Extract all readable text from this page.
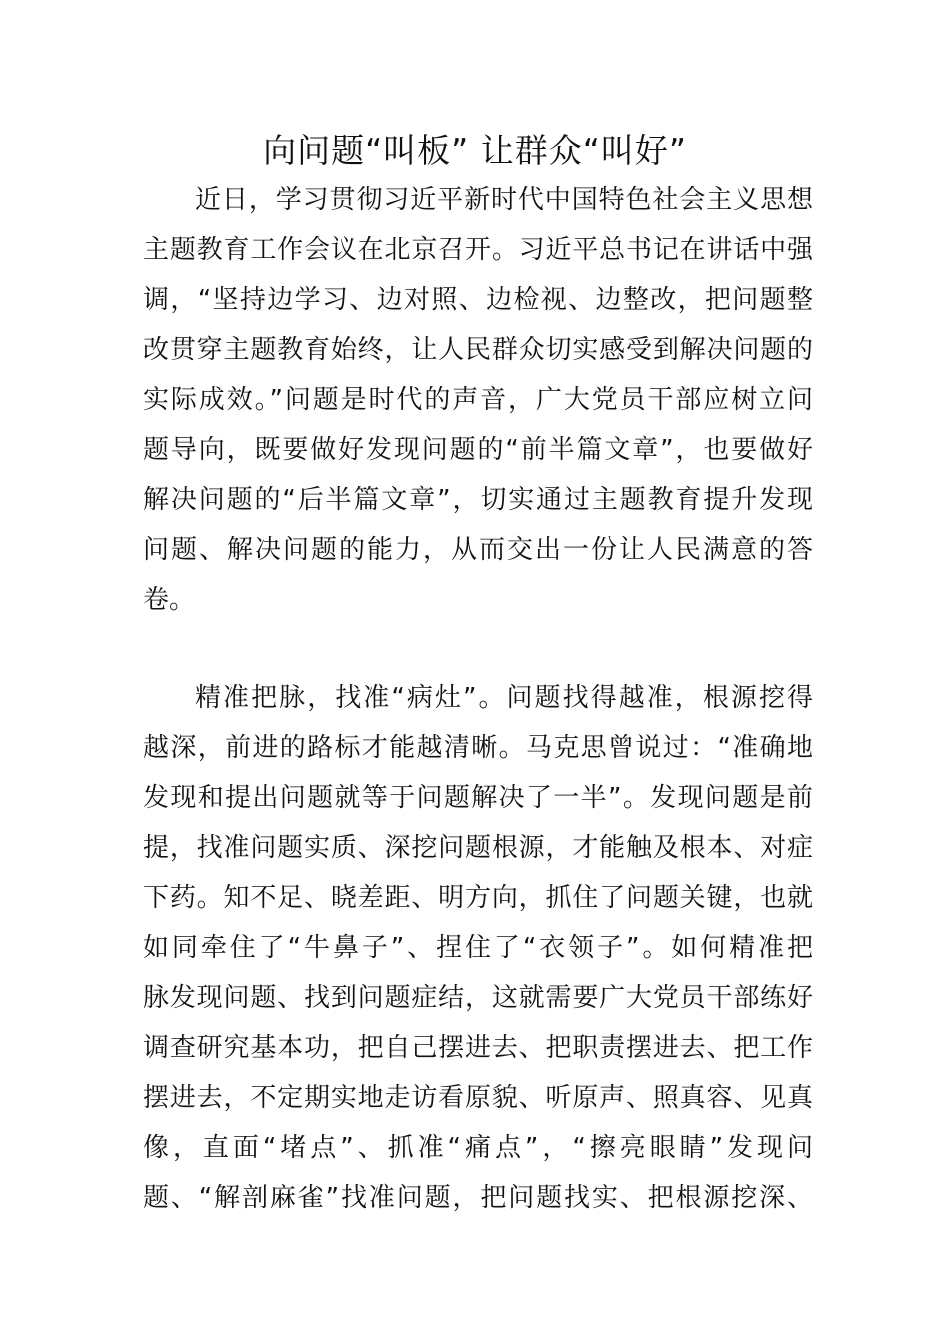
向问题“叫板” 让群众“叫好”
近日，学习贯彻习近平新时代中国特色社会主义思想
主题教育工作会议在北京召开。习近平总书记在讲话中强
调，“坚持边学习、边对照、边检视、边整改，把问题整
改贯穿主题教育始终，让人民群众切实感受到解决问题的
实际成效。”问题是时代的声音，广大党员干部应树立问
题导向，既要做好发现问题的“前半篇文章”，也要做好
解决问题的“后半篇文章”，切实通过主题教育提升发现
问题、解决问题的能力，从而交出一份让人民满意的答
卷。
精准把脉，找准“病灶”。问题找得越准，根源挖得
越深，前进的路标才能越清晰。马克思曾说过：“准确地
发现和提出问题就等于问题解决了一半”。发现问题是前
提，找准问题实质、深挖问题根源，才能触及根本、对症
下药。知不足、晓差距、明方向，抓住了问题关键，也就
如同牵住了“牛鼻子”、捏住了“衣领子”。如何精准把
脉发现问题、找到问题症结，这就需要广大党员干部练好
调查研究基本功，把自己摆进去、把职责摆进去、把工作
摆进去，不定期实地走访看原貌、听原声、照真容、见真
像，直面“堵点”、抓准“痛点”，“擦亮眼睛”发现问
题、“解剖麻雀”找准问题，把问题找实、把根源挖深、
